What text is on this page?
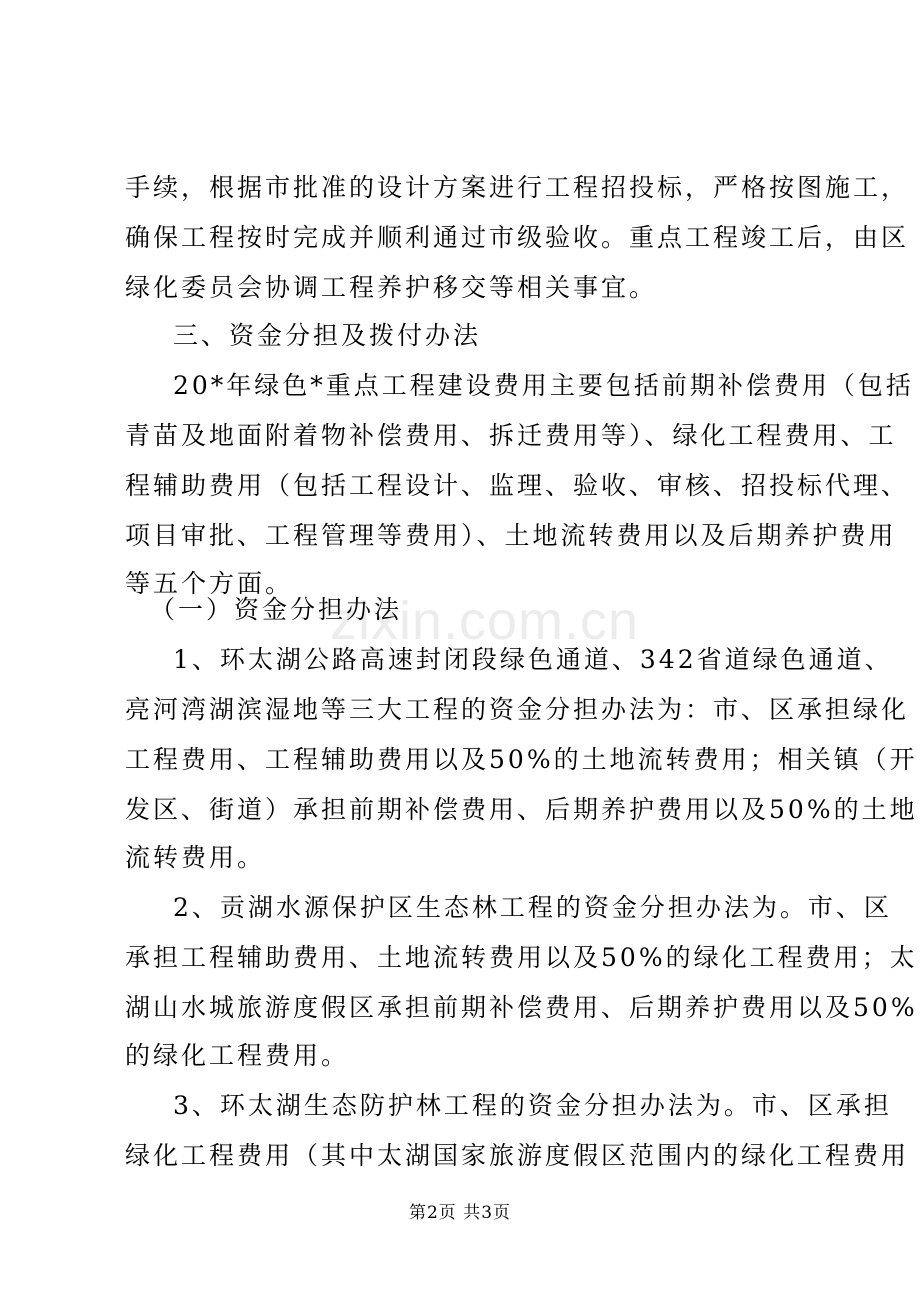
zixin.com.cn
手续，根据市批准的设计方案进行工程招投标，严格按图施工，
确保工程按时完成并顺利通过市级验收。重点工程竣工后，由区
绿化委员会协调工程养护移交等相关事宜。
三、资金分担及拨付办法
20*年绿色*重点工程建设费用主要包括前期补偿费用（包括
青苗及地面附着物补偿费用、拆迁费用等）、绿化工程费用、工
程辅助费用（包括工程设计、监理、验收、审核、招投标代理、
项目审批、工程管理等费用）、土地流转费用以及后期养护费用
等五个方面。
（一）资金分担办法
1、环太湖公路高速封闭段绿色通道、342省道绿色通道、
亮河湾湖滨湿地等三大工程的资金分担办法为：市、区承担绿化
工程费用、工程辅助费用以及50%的土地流转费用；相关镇（开
发区、街道）承担前期补偿费用、后期养护费用以及50%的土地
流转费用。
2、贡湖水源保护区生态林工程的资金分担办法为。市、区
承担工程辅助费用、土地流转费用以及50%的绿化工程费用；太
湖山水城旅游度假区承担前期补偿费用、后期养护费用以及50%
的绿化工程费用。
3、环太湖生态防护林工程的资金分担办法为。市、区承担
绿化工程费用（其中太湖国家旅游度假区范围内的绿化工程费用
第2页 共3页
